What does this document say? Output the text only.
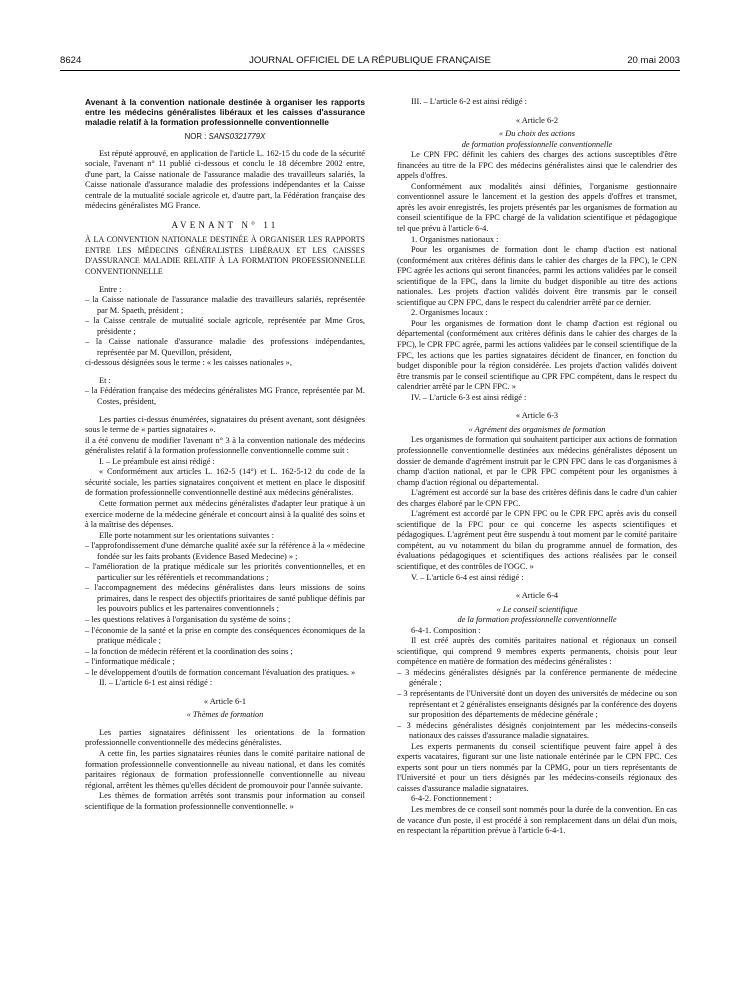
8624	JOURNAL OFFICIEL DE LA RÉPUBLIQUE FRANÇAISE	20 mai 2003

Avenant à la convention nationale destinée à organiser les rapports entre les médecins généralistes libéraux et les caisses d'assurance maladie relatif à la formation professionnelle conventionnelle

NOR : SANS0321779X

Est réputé approuvé, en application de l'article L. 162-15 du code de la sécurité sociale, l'avenant n° 11 publié ci-dessous et conclu le 18 décembre 2002 entre, d'une part, la Caisse nationale de l'assurance maladie des travailleurs salariés, la Caisse nationale d'assurance maladie des professions indépendantes et la Caisse centrale de la mutualité sociale agricole et, d'autre part, la Fédération française des médecins généralistes MG France.

AVENANT N° 11

À LA CONVENTION NATIONALE DESTINÉE À ORGANISER LES RAPPORTS ENTRE LES MÉDECINS GÉNÉRALISTES LIBÉRAUX ET LES CAISSES D'ASSURANCE MALADIE RELATIF À LA FORMATION PROFESSIONNELLE CONVENTIONNELLE

Entre :

– la Caisse nationale de l'assurance maladie des travailleurs salariés, représentée par M. Spaeth, président ;

– la Caisse centrale de mutualité sociale agricole, représentée par Mme Gros, présidente ;

– la Caisse nationale d'assurance maladie des professions indépendantes, représentée par M. Quevillon, président,

ci-dessous désignées sous le terme : « les caisses nationales »,

Et :

– la Fédération française des médecins généralistes MG France, représentée par M. Costes, président,

Les parties ci-dessus énumérées, signataires du présent avenant, sont désignées sous le terme de « parties signataires ».

il a été convenu de modifier l'avenant n° 3 à la convention nationale des médecins généralistes relatif à la formation professionnelle conventionnelle comme suit :

I. – Le préambule est ainsi rédigé :

« Conformément aux articles L. 162-5 (14°) et L. 162-5-12 du code de la sécurité sociale, les parties signataires conçoivent et mettent en place le dispositif de formation professionnelle conventionnelle destiné aux médecins généralistes.

Cette formation permet aux médecins généralistes d'adapter leur pratique à un exercice moderne de la médecine générale et concourt ainsi à la qualité des soins et à la maîtrise des dépenses.

Elle porte notamment sur les orientations suivantes :

– l'approfondissement d'une démarche qualité axée sur la référence à la « médecine fondée sur les faits probants (Evidence Based Medecine) » ;

– l'amélioration de la pratique médicale sur les priorités conventionnelles, et en particulier sur les référentiels et recommandations ;

– l'accompagnement des médecins généralistes dans leurs missions de soins primaires, dans le respect des objectifs prioritaires de santé publique définis par les pouvoirs publics et les partenaires conventionnels ;

– les questions relatives à l'organisation du système de soins ;

– l'économie de la santé et la prise en compte des conséquences économiques de la pratique médicale ;

– la fonction de médecin référent et la coordination des soins ;

– l'informatique médicale ;

– le développement d'outils de formation concernant l'évaluation des pratiques. »

II. – L'article 6-1 est ainsi rédigé :

« Article 6-1

« Thèmes de formation

Les parties signataires définissent les orientations de la formation professionnelle conventionnelle des médecins généralistes.

A cette fin, les parties signataires réunies dans le comité paritaire national de formation professionnelle conventionnelle au niveau national, et dans les comités paritaires régionaux de formation professionnelle conventionnelle au niveau régional, arrêtent les thèmes qu'elles décident de promouvoir pour l'année suivante.

Les thèmes de formation arrêtés sont transmis pour information au conseil scientifique de la formation professionnelle conventionnelle. »

III. – L'article 6-2 est ainsi rédigé :

« Article 6-2

« Du choix des actions

de formation professionnelle conventionnelle

Le CPN FPC définit les cahiers des charges des actions susceptibles d'être financées au titre de la FPC des médecins généralistes ainsi que le calendrier des appels d'offres.

Conformément aux modalités ainsi définies, l'organisme gestionnaire conventionnel assure le lancement et la gestion des appels d'offres et transmet, après les avoir enregistrés, les projets présentés par les organismes de formation au conseil scientifique de la FPC chargé de la validation scientifique et pédagogique tel que prévu à l'article 6-4.

1. Organismes nationaux :

Pour les organismes de formation dont le champ d'action est national (conformément aux critères définis dans le cahier des charges de la FPC), le CPN FPC agrée les actions qui seront financées, parmi les actions validées par le conseil scientifique de la FPC, dans la limite du budget disponible au titre des actions nationales. Les projets d'action validés doivent être transmis par le conseil scientifique au CPN FPC, dans le respect du calendrier arrêté par ce dernier.

2. Organismes locaux :

Pour les organismes de formation dont le champ d'action est régional ou départemental (conformément aux critères définis dans le cahier des charges de la FPC), le CPR FPC agrée, parmi les actions validées par le conseil scientifique de la FPC, les actions que les parties signataires décident de financer, en fonction du budget disponible pour la région considérée. Les projets d'action validés doivent être transmis par le conseil scientifique au CPR FPC compétent, dans le respect du calendrier arrêté par le CPN FPC. »

IV. – L'article 6-3 est ainsi rédigé :

« Article 6-3

« Agrément des organismes de formation

Les organismes de formation qui souhaitent participer aux actions de formation professionnelle conventionnelle destinées aux médecins généralistes déposent un dossier de demande d'agrément instruit par le CPN FPC dans le cas d'organismes à champ d'action national, et par le CPR FPC compétent pour les organismes à champ d'action régional ou départemental.

L'agrément est accordé sur la base des critères définis dans le cadre d'un cahier des charges élaboré par le CPN FPC.

L'agrément est accordé par le CPN FPC ou le CPR FPC après avis du conseil scientifique de la FPC pour ce qui concerne les aspects scientifiques et pédagogiques. L'agrément peut être suspendu à tout moment par le comité paritaire compétent, au vu notamment du bilan du programme annuel de formation, des évaluations pédagogiques et scientifiques des actions réalisées par le conseil scientifique, et des contrôles de l'OGC. »

V. – L'article 6-4 est ainsi rédigé :

« Article 6-4

« Le conseil scientifique

de la formation professionnelle conventionnelle

6-4-1. Composition :

Il est créé auprès des comités paritaires national et régionaux un conseil scientifique, qui comprend 9 membres experts permanents, choisis pour leur compétence en matière de formation des médecins généralistes :

– 3 médecins généralistes désignés par la conférence permanente de médecine générale ;

– 3 représentants de l'Université dont un doyen des universités de médecine ou son représentant et 2 généralistes enseignants désignés par la conférence des doyens sur proposition des départements de médecine générale ;

– 3 médecins généralistes désignés conjointement par les médecins-conseils nationaux des caisses d'assurance maladie signataires.

Les experts permanents du conseil scientifique peuvent faire appel à des experts vacataires, figurant sur une liste nationale entérinée par le CPN FPC. Ces experts sont pour un tiers nommés par la CPMG, pour un tiers représentants de l'Université et pour un tiers désignés par les médecins-conseils régionaux des caisses d'assurance maladie signataires.

6-4-2. Fonctionnement :

Les membres de ce conseil sont nommés pour la durée de la convention. En cas de vacance d'un poste, il est procédé à son remplacement dans un délai d'un mois, en respectant la répartition prévue à l'article 6-4-1.
